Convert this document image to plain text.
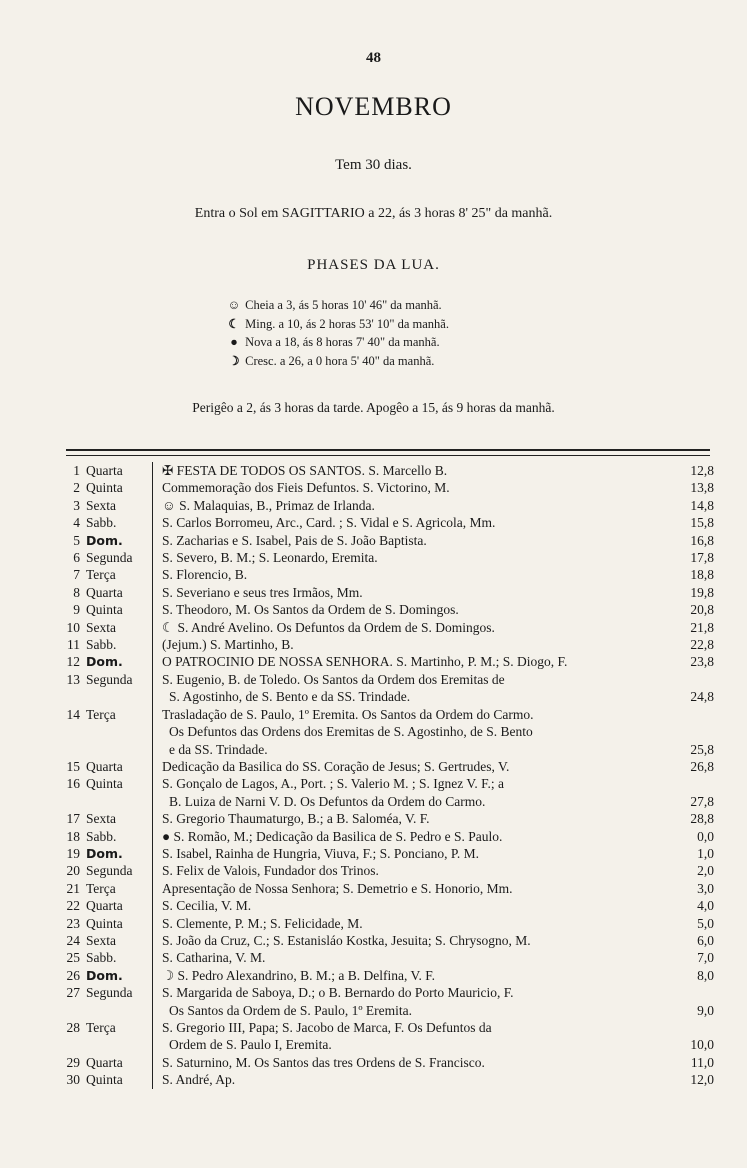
48
NOVEMBRO
Tem 30 dias.
Entra o Sol em SAGITTARIO a 22, ás 3 horas 8' 25" da manhã.
PHASES DA LUA.
☺ Cheia a 3, ás 5 horas 10' 46" da manhã.
☾ Ming. a 10, ás 2 horas 53' 10" da manhã.
● Nova a 18, ás 8 horas 7' 40" da manhã.
☽ Cresc. a 26, a 0 hora 5' 40" da manhã.
Perigêo a 2, ás 3 horas da tarde. Apogêo a 15, ás 9 horas da manhã.
1 Quarta	✠ FESTA DE TODOS OS SANTOS. S. Marcello B.	12,8
2 Quinta	Commemoração dos Fieis Defuntos. S. Victorino, M.	13,8
3 Sexta	☺ S. Malaquias, B., Primaz de Irlanda.	14,8
4 Sabb.	S. Carlos Borromeu, Arc., Card. ; S. Vidal e S. Agricola, Mm.	15,8
5 Dom.	S. Zacharias e S. Isabel, Pais de S. João Baptista.	16,8
6 Segunda	S. Severo, B. M.; S. Leonardo, Eremita.	17,8
7 Terça	S. Florencio, B.	18,8
8 Quarta	S. Severiano e seus tres Irmãos, Mm.	19,8
9 Quinta	S. Theodoro, M. Os Santos da Ordem de S. Domingos.	20,8
10 Sexta	☾ S. André Avelino. Os Defuntos da Ordem de S. Domingos.	21,8
11 Sabb.	(Jejum.) S. Martinho, B.	22,8
12 Dom.	O PATROCINIO DE NOSSA SENHORA. S. Martinho, P. M.; S. Diogo, F.	23,8
13 Segunda	S. Eugenio, B. de Toledo. Os Santos da Ordem dos Eremitas de
S. Agostinho, de S. Bento e da SS. Trindade.	24,8
14 Terça	Trasladação de S. Paulo, 1º Eremita. Os Santos da Ordem do Carmo.
Os Defuntos das Ordens dos Eremitas de S. Agostinho, de S. Bento
e da SS. Trindade.	25,8
15 Quarta	Dedicação da Basilica do SS. Coração de Jesus; S. Gertrudes, V.	26,8
16 Quinta	S. Gonçalo de Lagos, A., Port. ; S. Valerio M. ; S. Ignez V. F.; a
B. Luiza de Narni V. D. Os Defuntos da Ordem do Carmo.	27,8
17 Sexta	S. Gregorio Thaumaturgo, B.; a B. Saloméa, V. F.	28,8
18 Sabb.	● S. Romão, M.; Dedicação da Basilica de S. Pedro e S. Paulo.	0,0
19 Dom.	S. Isabel, Rainha de Hungria, Viuva, F.; S. Ponciano, P. M.	1,0
20 Segunda	S. Felix de Valois, Fundador dos Trinos.	2,0
21 Terça	Apresentação de Nossa Senhora; S. Demetrio e S. Honorio, Mm.	3,0
22 Quarta	S. Cecilia, V. M.	4,0
23 Quinta	S. Clemente, P. M.; S. Felicidade, M.	5,0
24 Sexta	S. João da Cruz, C.; S. Estanisláo Kostka, Jesuita; S. Chrysogno, M.	6,0
25 Sabb.	S. Catharina, V. M.	7,0
26 Dom.	☽ S. Pedro Alexandrino, B. M.; a B. Delfina, V. F.	8,0
27 Segunda	S. Margarida de Saboya, D.; o B. Bernardo do Porto Mauricio, F.
Os Santos da Ordem de S. Paulo, 1º Eremita.	9,0
28 Terça	S. Gregorio III, Papa; S. Jacobo de Marca, F. Os Defuntos da
Ordem de S. Paulo I, Eremita.	10,0
29 Quarta	S. Saturnino, M. Os Santos das tres Ordens de S. Francisco.	11,0
30 Quinta	S. André, Ap.	12,0
